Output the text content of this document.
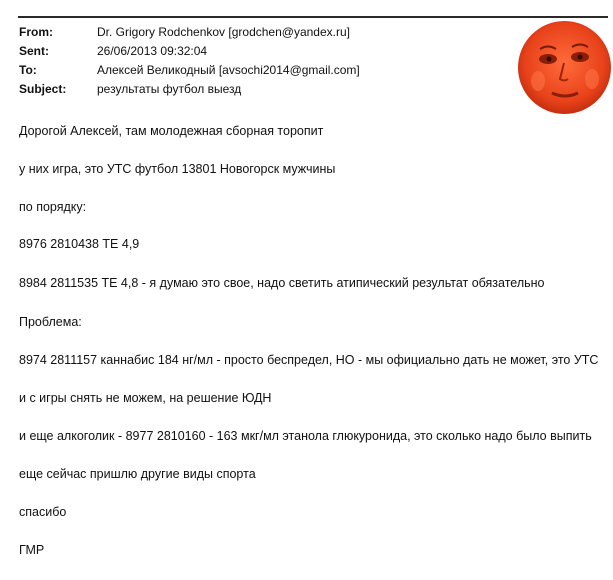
From:	Dr. Grigory Rodchenkov [grodchen@yandex.ru]
Sent:	26/06/2013 09:32:04
To:	Алексей Великодный [avsochi2014@gmail.com]
Subject:	результаты футбол выезд
Дорогой Алексей, там молодежная сборная торопит
у них игра, это УТС футбол 13801 Новогорск мужчины
по порядку:
8976 2810438 ТЕ 4,9
8984 2811535 ТЕ 4,8 - я думаю это свое, надо светить атипический результат обязательно
Проблема:
8974 2811157 каннабис 184 нг/мл - просто беспредел, НО - мы официально дать не может, это УТС
и с игры снять не можем, на решение ЮДН
и еще алкоголик - 8977 2810160 - 163 мкг/мл этанола глюкуронида, это сколько надо было выпить
еще сейчас пришлю другие виды спорта
спасибо
ГМР
